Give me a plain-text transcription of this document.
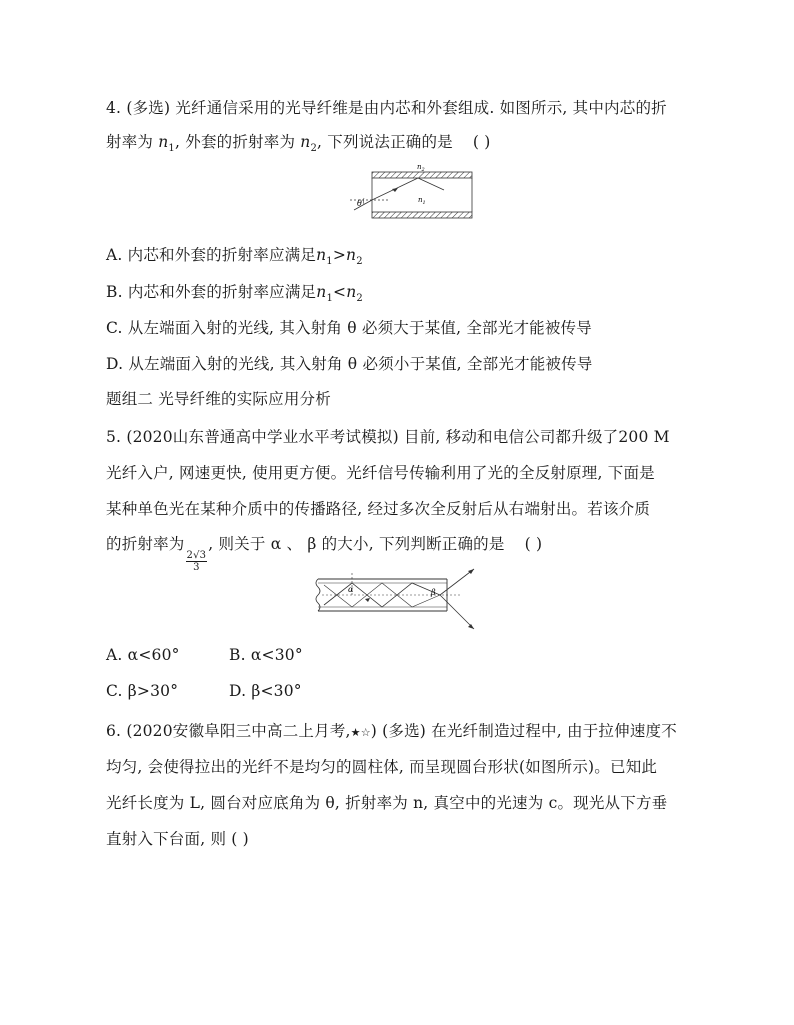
4. (多选) 光纤通信采用的光导纤维是由内芯和外套组成. 如图所示, 其中内芯的折
射率为 $n_1$, 外套的折射率为 $n_2$, 下列说法正确的是 ( )
θ
$n_2$
$n_1$
A. 内芯和外套的折射率应满足$n_1>n_2$
B. 内芯和外套的折射率应满足$n_1<n_2$
C. 从左端面入射的光线, 其入射角 θ 必须大于某值, 全部光才能被传导
D. 从左端面入射的光线, 其入射角 θ 必须小于某值, 全部光才能被传导
题组二 光导纤维的实际应用分析
5. (2020山东普通高中学业水平考试模拟) 目前, 移动和电信公司都升级了200 M
光纤入户, 网速更快, 使用更方便。光纤信号传输利用了光的全反射原理, 下面是
某种单色光在某种介质中的传播路径, 经过多次全反射后从右端射出。若该介质
的折射率为
$\frac{2√3}{3}$
, 则关于 α 、 β 的大小, 下列判断正确的是 ( )
α	β
A. α<60°	B. α<30°
C. β>30°	D. β<30°
6. (2020安徽阜阳三中高二上月考,★☆) (多选) 在光纤制造过程中, 由于拉伸速度不
均匀, 会使得拉出的光纤不是均匀的圆柱体, 而呈现圆台形状(如图所示)。已知此
光纤长度为 L, 圆台对应底角为 θ, 折射率为 n, 真空中的光速为 c。现光从下方垂
直射入下台面, 则 ( )
